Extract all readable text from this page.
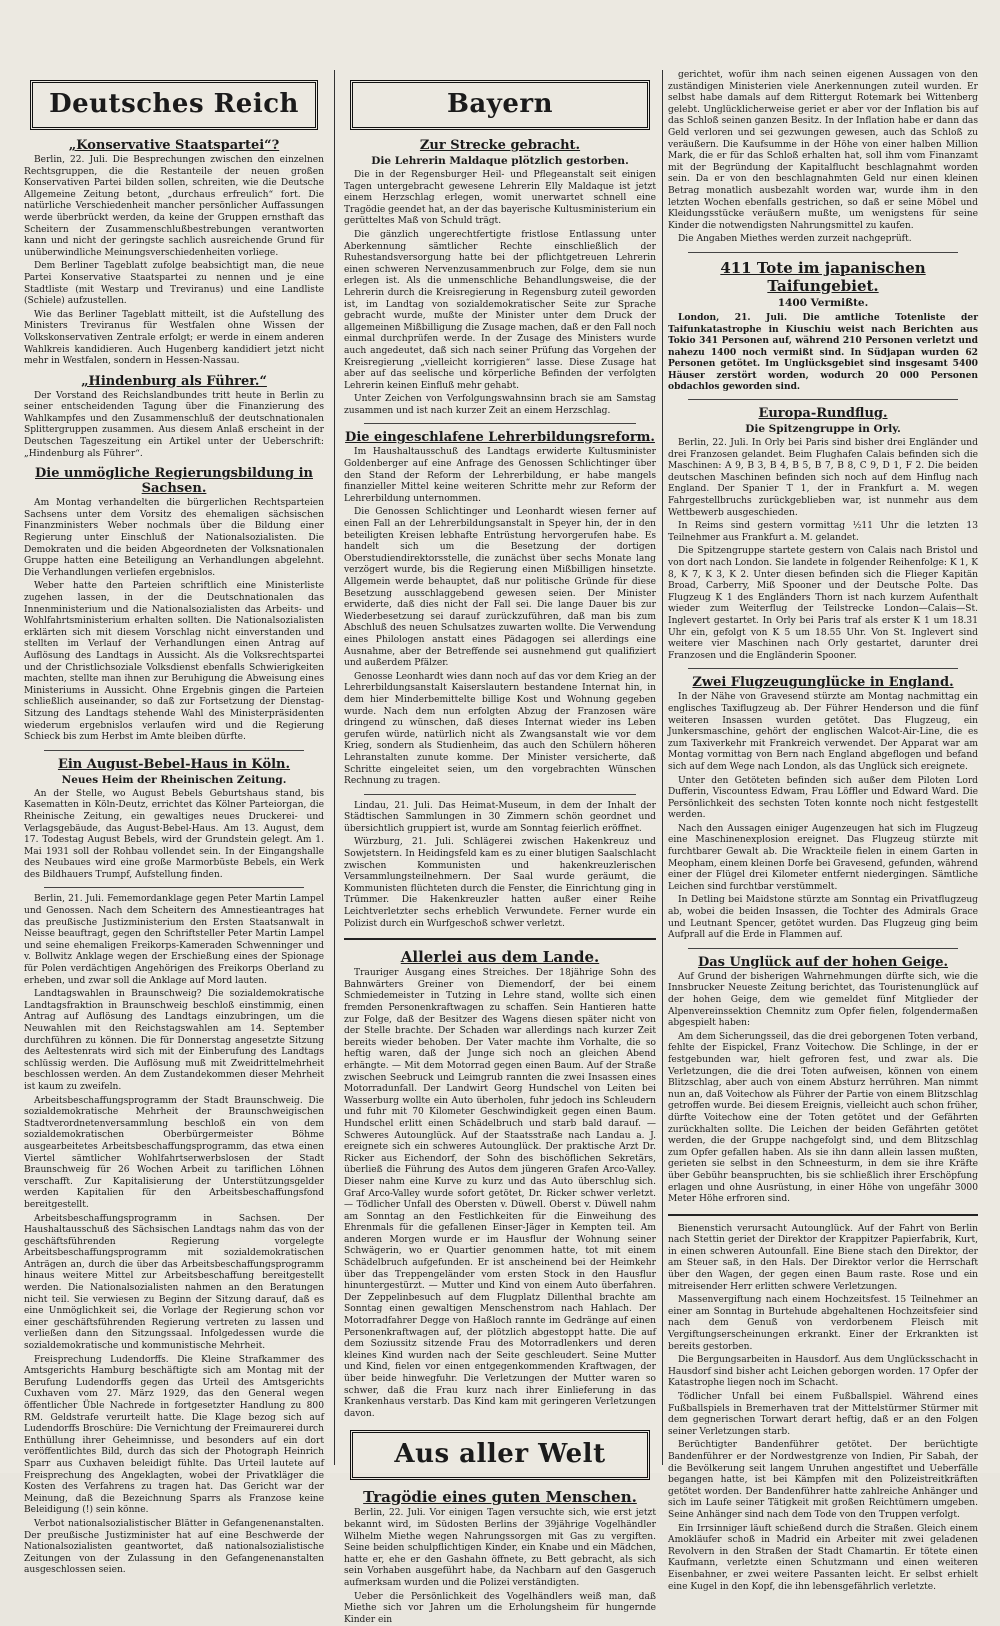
Deutsches Reich
„Konservative Staatspartei“?

Berlin, 22. Juli. Die Besprechungen zwischen den einzelnen Rechtsgruppen, die die Restanteile der neuen großen Konservativen Partei bilden sollen, schreiten, wie die Deutsche Allgemeine Zeitung betont, „durchaus erfreulich“ fort. Die natürliche Verschiedenheit mancher persönlicher Auffassungen werde überbrückt werden, da keine der Gruppen ernsthaft das Scheitern der Zusammenschlußbestrebungen verantworten kann und nicht der geringste sachlich ausreichende Grund für unüberwindliche Meinungsverschiedenheiten vorliege.

Dem Berliner Tageblatt zufolge beabsichtigt man, die neue Partei Konservative Staatspartei zu nennen und je eine Stadtliste (mit Westarp und Treviranus) und eine Landliste (Schiele) aufzustellen.

Wie das Berliner Tageblatt mitteilt, ist die Aufstellung des Ministers Treviranus für Westfalen ohne Wissen der Volkskonservativen Zentrale erfolgt; er werde in einem anderen Wahlkreis kandidieren. Auch Hugenberg kandidiert jetzt nicht mehr in Westfalen, sondern in Hessen-Nassau.

„Hindenburg als Führer.“

Der Vorstand des Reichslandbundes tritt heute in Berlin zu seiner entscheidenden Tagung über die Finanzierung des Wahlkampfes und den Zusammenschluß der deutschnationalen Splittergruppen zusammen. Aus diesem Anlaß erscheint in der Deutschen Tageszeitung ein Artikel unter der Ueberschrift: „Hindenburg als Führer“.

Die unmögliche Regierungsbildung in Sachsen.

Am Montag verhandelten die bürgerlichen Rechtsparteien Sachsens unter dem Vorsitz des ehemaligen sächsischen Finanzministers Weber nochmals über die Bildung einer Regierung unter Einschluß der Nationalsozialisten. Die Demokraten und die beiden Abgeordneten der Volksnationalen Gruppe hatten eine Beteiligung an Verhandlungen abgelehnt. Die Verhandlungen verliefen ergebnislos.

Weber hatte den Parteien schriftlich eine Ministerliste zugehen lassen, in der die Deutschnationalen das Innenministerium und die Nationalsozialisten das Arbeits- und Wohlfahrtsministerium erhalten sollten. Die Nationalsozialisten erklärten sich mit diesem Vorschlag nicht einverstanden und stellten im Verlauf der Verhandlungen einen Antrag auf Auflösung des Landtags in Aussicht. Als die Volksrechtspartei und der Christlichsoziale Volksdienst ebenfalls Schwierigkeiten machten, stellte man ihnen zur Beruhigung die Abweisung eines Ministeriums in Aussicht. Ohne Ergebnis gingen die Parteien schließlich auseinander, so daß zur Fortsetzung der Dienstag-Sitzung des Landtags stehende Wahl des Ministerpräsidenten wiederum ergebnislos verlaufen wird und die Regierung Schieck bis zum Herbst im Amte bleiben dürfte.

Ein August-Bebel-Haus in Köln.
Neues Heim der Rheinischen Zeitung.

An der Stelle, wo August Bebels Geburtshaus stand, bis Kasematten in Köln-Deutz, errichtet das Kölner Parteiorgan, die Rheinische Zeitung, ein gewaltiges neues Druckerei- und Verlagsgebäude, das August-Bebel-Haus. Am 13. August, dem 17. Todestag August Bebels, wird der Grundstein gelegt. Am 1. Mai 1931 soll der Rohbau vollendet sein. In der Eingangshalle des Neubaues wird eine große Marmorbüste Bebels, ein Werk des Bildhauers Trumpf, Aufstellung finden.

Berlin, 21. Juli. Fememordanklage gegen Peter Martin Lampel und Genossen. Nach dem Scheitern des Amnestieantrages hat das preußische Justizministerium den Ersten Staatsanwalt in Neisse beauftragt, gegen den Schriftsteller Peter Martin Lampel und seine ehemaligen Freikorps-Kameraden Schwenninger und v. Bollwitz Anklage wegen der Erschießung eines der Spionage für Polen verdächtigen Angehörigen des Freikorps Oberland zu erheben, und zwar soll die Anklage auf Mord lauten.

Landtagswahlen in Braunschweig? Die sozialdemokratische Landtagsfraktion in Braunschweig beschloß einstimmig, einen Antrag auf Auflösung des Landtags einzubringen, um die Neuwahlen mit den Reichstagswahlen am 14. September durchführen zu können. Die für Donnerstag angesetzte Sitzung des Aeltestenrats wird sich mit der Einberufung des Landtags schlüssig werden. Die Auflösung muß mit Zweidrittelmehrheit beschlossen werden. An dem Zustandekommen dieser Mehrheit ist kaum zu zweifeln.

Arbeitsbeschaffungsprogramm der Stadt Braunschweig. Die sozialdemokratische Mehrheit der Braunschweigischen Stadtverordnetenversammlung beschloß ein von dem sozialdemokratischen Oberbürgermeister Böhme ausgearbeitetes Arbeitsbeschaffungsprogramm, das etwa einen Viertel sämtlicher Wohlfahrtserwerbslosen der Stadt Braunschweig für 26 Wochen Arbeit zu tariflichen Löhnen verschafft. Zur Kapitalisierung der Unterstützungsgelder werden Kapitalien für den Arbeitsbeschaffungsfond bereitgestellt.

Arbeitsbeschaffungsprogramm in Sachsen. Der Haushaltausschuß des Sächsischen Landtags nahm das von der geschäftsführenden Regierung vorgelegte Arbeitsbeschaffungsprogramm mit sozialdemokratischen Anträgen an, durch die über das Arbeitsbeschaffungsprogramm hinaus weitere Mittel zur Arbeitsbeschaffung bereitgestellt werden. Die Nationalsozialisten nahmen an den Beratungen nicht teil. Sie verwiesen zu Beginn der Sitzung darauf, daß es eine Unmöglichkeit sei, die Vorlage der Regierung schon vor einer geschäftsführenden Regierung vertreten zu lassen und verließen dann den Sitzungssaal. Infolgedessen wurde die sozialdemokratische und kommunistische Mehrheit.

Freisprechung Ludendorffs. Die Kleine Strafkammer des Amtsgerichts Hamburg beschäftigte sich am Montag mit der Berufung Ludendorffs gegen das Urteil des Amtsgerichts Cuxhaven vom 27. März 1929, das den General wegen öffentlicher Üble Nachrede in fortgesetzter Handlung zu 800 RM. Geldstrafe verurteilt hatte. Die Klage bezog sich auf Ludendorffs Broschüre: Die Vernichtung der Freimaurerei durch Enthüllung ihrer Geheimnisse, und besonders auf ein dort veröffentlichtes Bild, durch das sich der Photograph Heinrich Sparr aus Cuxhaven beleidigt fühlte. Das Urteil lautete auf Freisprechung des Angeklagten, wobei der Privatkläger die Kosten des Verfahrens zu tragen hat. Das Gericht war der Meinung, daß die Bezeichnung Sparrs als Franzose keine Beleidigung (!) sein könne.

Verbot nationalsozialistischer Blätter in Gefangenenanstalten. Der preußische Justizminister hat auf eine Beschwerde der Nationalsozialisten geantwortet, daß nationalsozialistische Zeitungen von der Zulassung in den Gefangenenanstalten ausgeschlossen seien.

Bayern
Zur Strecke gebracht.
Die Lehrerin Maldaque plötzlich gestorben.

Die in der Regensburger Heil- und Pflegeanstalt seit einigen Tagen untergebracht gewesene Lehrerin Elly Maldaque ist jetzt einem Herzschlag erlegen, womit unerwartet schnell eine Tragödie geendet hat, an der das bayerische Kultusministerium ein gerütteltes Maß von Schuld trägt.

Die gänzlich ungerechtfertigte fristlose Entlassung unter Aberkennung sämtlicher Rechte einschließlich der Ruhestandsversorgung hatte bei der pflichtgetreuen Lehrerin einen schweren Nervenzusammenbruch zur Folge, dem sie nun erlegen ist. Als die unmenschliche Behandlungsweise, die der Lehrerin durch die Kreisregierung in Regensburg zuteil geworden ist, im Landtag von sozialdemokratischer Seite zur Sprache gebracht wurde, mußte der Minister unter dem Druck der allgemeinen Mißbilligung die Zusage machen, daß er den Fall noch einmal durchprüfen werde. In der Zusage des Ministers wurde auch angedeutet, daß sich nach seiner Prüfung das Vorgehen der Kreisregierung „vielleicht korrigieren“ lasse. Diese Zusage hat aber auf das seelische und körperliche Befinden der verfolgten Lehrerin keinen Einfluß mehr gehabt.

Unter Zeichen von Verfolgungswahnsinn brach sie am Samstag zusammen und ist nach kurzer Zeit an einem Herzschlag.

Die eingeschlafene Lehrerbildungsreform.

Im Haushaltausschuß des Landtags erwiderte Kultusminister Goldenberger auf eine Anfrage des Genossen Schlichtinger über den Stand der Reform der Lehrerbildung, er habe mangels finanzieller Mittel keine weiteren Schritte mehr zur Reform der Lehrerbildung unternommen.

Die Genossen Schlichtinger und Leonhardt wiesen ferner auf einen Fall an der Lehrerbildungsanstalt in Speyer hin, der in den beteiligten Kreisen lebhafte Entrüstung hervorgerufen habe. Es handelt sich um die Besetzung der dortigen Oberstudiendirektorsstelle, die zunächst über sechs Monate lang verzögert wurde, bis die Regierung einen Mißbilligen hinsetzte. Allgemein werde behauptet, daß nur politische Gründe für diese Besetzung ausschlaggebend gewesen seien. Der Minister erwiderte, daß dies nicht der Fall sei. Die lange Dauer bis zur Wiederbesetzung sei darauf zurückzuführen, daß man bis zum Abschluß des neuen Schulsatzes zuwarten wollte. Die Verwendung eines Philologen anstatt eines Pädagogen sei allerdings eine Ausnahme, aber der Betreffende sei ausnehmend gut qualifiziert und außerdem Pfälzer.

Genosse Leonhardt wies dann noch auf das vor dem Krieg an der Lehrerbildungsanstalt Kaiserslautern bestandene Internat hin, in dem hier Minderbemittelte billige Kost und Wohnung gegeben wurde. Nach dem nun erfolgten Abzug der Franzosen wäre dringend zu wünschen, daß dieses Internat wieder ins Leben gerufen würde, natürlich nicht als Zwangsanstalt wie vor dem Krieg, sondern als Studienheim, das auch den Schülern höheren Lehranstalten zunute komme. Der Minister versicherte, daß Schritte eingeleitet seien, um den vorgebrachten Wünschen Rechnung zu tragen.

Lindau, 21. Juli. Das Heimat-Museum, in dem der Inhalt der Städtischen Sammlungen in 30 Zimmern schön geordnet und übersichtlich gruppiert ist, wurde am Sonntag feierlich eröffnet.

Würzburg, 21. Juli. Schlägerei zwischen Hakenkreuz und Sowjetstern. In Heidingsfeld kam es zu einer blutigen Saalschlacht zwischen Kommunisten und hakenkreuzlerischen Versammlungsteilnehmern. Der Saal wurde geräumt, die Kommunisten flüchteten durch die Fenster, die Einrichtung ging in Trümmer. Die Hakenkreuzler hatten außer einer Reihe Leichtverletzter sechs erheblich Verwundete. Ferner wurde ein Polizist durch ein Wurfgeschoß schwer verletzt.

Allerlei aus dem Lande.

Trauriger Ausgang eines Streiches. Der 18jährige Sohn des Bahnwärters Greiner von Diemendorf, der bei einem Schmiedemeister in Tutzing in Lehre stand, wollte sich einen fremden Personenkraftwagen zu schaffen. Sein Hantieren hatte zur Folge, daß der Besitzer des Wagens diesen später nicht von der Stelle brachte. Der Schaden war allerdings nach kurzer Zeit bereits wieder behoben. Der Vater machte ihm Vorhalte, die so heftig waren, daß der Junge sich noch an gleichen Abend erhängte. — Mit dem Motorrad gegen einen Baum. Auf der Straße zwischen Seebruck und Leimgrub rannten die zwei Insassen eines Motorradunfall. Der Landwirt Georg Hundschel von Leiten bei Wasserburg wollte ein Auto überholen, fuhr jedoch ins Schleudern und fuhr mit 70 Kilometer Geschwindigkeit gegen einen Baum. Hundschel erlitt einen Schädelbruch und starb bald darauf. — Schweres Autounglück. Auf der Staatsstraße nach Landau a. J. ereignete sich ein schweres Autounglück. Der praktische Arzt Dr. Ricker aus Eichendorf, der Sohn des bischöflichen Sekretärs, überließ die Führung des Autos dem jüngeren Grafen Arco-Valley. Dieser nahm eine Kurve zu kurz und das Auto überschlug sich. Graf Arco-Valley wurde sofort getötet, Dr. Ricker schwer verletzt. — Tödlicher Unfall des Obersten v. Düwell. Oberst v. Düwell nahm am Sonntag an den Festlichkeiten für die Einweihung des Ehrenmals für die gefallenen Einser-Jäger in Kempten teil. Am anderen Morgen wurde er im Hausflur der Wohnung seiner Schwägerin, wo er Quartier genommen hatte, tot mit einem Schädelbruch aufgefunden. Er ist anscheinend bei der Heimkehr über das Treppengeländer vom ersten Stock in den Hausflur hinuntergestürzt. — Mutter und Kind von einem Auto überfahren. Der Zeppelinbesuch auf dem Flugplatz Dillenthal brachte am Sonntag einen gewaltigen Menschenstrom nach Hahlach. Der Motorradfahrer Degge von Haßloch rannte im Gedränge auf einen Personenkraftwagen auf, der plötzlich abgestoppt hatte. Die auf dem Soziussitz sitzende Frau des Motorradlenkers und deren kleines Kind wurden nach der Seite geschleudert. Seine Mutter und Kind, fielen vor einen entgegenkommenden Kraftwagen, der über beide hinwegfuhr. Die Verletzungen der Mutter waren so schwer, daß die Frau kurz nach ihrer Einlieferung in das Krankenhaus verstarb. Das Kind kam mit geringeren Verletzungen davon.

Aus aller Welt
Tragödie eines guten Menschen.

Berlin, 22. Juli. Vor einigen Tagen versuchte sich, wie erst jetzt bekannt wird, im Südosten Berlins der 39jährige Vogelhändler Wilhelm Miethe wegen Nahrungssorgen mit Gas zu vergiften. Seine beiden schulpflichtigen Kinder, ein Knabe und ein Mädchen, hatte er, ehe er den Gashahn öffnete, zu Bett gebracht, als sich sein Vorhaben ausgeführt habe, da Nachbarn auf den Gasgeruch aufmerksam wurden und die Polizei verständigten.

Ueber die Persönlichkeit des Vogelhändlers weiß man, daß Miethe sich vor Jahren um die Erholungsheim für hungernde Kinder ein

gerichtet, wofür ihm nach seinen eigenen Aussagen von den zuständigen Ministerien viele Anerkennungen zuteil wurden. Er selbst habe damals auf dem Rittergut Rotemark bei Wittenberg gelebt. Unglücklicherweise geriet er aber vor der Inflation bis auf das Schloß seinen ganzen Besitz. In der Inflation habe er dann das Geld verloren und sei gezwungen gewesen, auch das Schloß zu veräußern. Die Kaufsumme in der Höhe von einer halben Million Mark, die er für das Schloß erhalten hat, soll ihm vom Finanzamt mit der Begründung der Kapitalflucht beschlagnahmt worden sein. Da er von den beschlagnahmten Geld nur einen kleinen Betrag monatlich ausbezahlt worden war, wurde ihm in den letzten Wochen ebenfalls gestrichen, so daß er seine Möbel und Kleidungsstücke veräußern mußte, um wenigstens für seine Kinder die notwendigsten Nahrungsmittel zu kaufen.

Die Angaben Miethes werden zurzeit nachgeprüft.

411 Tote im japanischen Taifungebiet.
1400 Vermißte.

London, 21. Juli. Die amtliche Totenliste der Taifunkatastrophe in Kiuschiu weist nach Berichten aus Tokio 341 Personen auf, während 210 Personen verletzt und nahezu 1400 noch vermißt sind. In Südjapan wurden 62 Personen getötet. Im Unglücksgebiet sind insgesamt 5400 Häuser zerstört worden, wodurch 20 000 Personen obdachlos geworden sind.

Europa-Rundflug.
Die Spitzengruppe in Orly.

Berlin, 22. Juli. In Orly bei Paris sind bisher drei Engländer und drei Franzosen gelandet. Beim Flughafen Calais befinden sich die Maschinen: A 9, B 3, B 4, B 5, B 7, B 8, C 9, D 1, F 2. Die beiden deutschen Maschinen befinden sich noch auf dem Hinflug nach England. Der Spanier T 1, der in Frankfurt a. M. wegen Fahrgestellbruchs zurückgeblieben war, ist nunmehr aus dem Wettbewerb ausgeschieden.

In Reims sind gestern vormittag ½11 Uhr die letzten 13 Teilnehmer aus Frankfurt a. M. gelandet.

Die Spitzengruppe startete gestern von Calais nach Bristol und von dort nach London. Sie landete in folgender Reihenfolge: K 1, K 8, K 7, K 3, K 2. Unter diesen befinden sich die Flieger Kapitän Broad, Carberry, Miß Spooner und der Deutsche Polte. Das Flugzeug K 1 des Engländers Thorn ist nach kurzem Aufenthalt wieder zum Weiterflug der Teilstrecke London—Calais—St. Inglevert gestartet. In Orly bei Paris traf als erster K 1 um 18.31 Uhr ein, gefolgt von K 5 um 18.55 Uhr. Von St. Inglevert sind weitere vier Maschinen nach Orly gestartet, darunter drei Franzosen und die Engländerin Spooner.

Zwei Flugzeugunglücke in England.

In der Nähe von Gravesend stürzte am Montag nachmittag ein englisches Taxiflugzeug ab. Der Führer Henderson und die fünf weiteren Insassen wurden getötet. Das Flugzeug, ein Junkersmaschine, gehört der englischen Walcot-Air-Line, die es zum Taxiverkehr mit Frankreich verwendet. Der Apparat war am Montag vormittag von Bern nach England abgeflogen und befand sich auf dem Wege nach London, als das Unglück sich ereignete.

Unter den Getöteten befinden sich außer dem Piloten Lord Dufferin, Viscountess Edwam, Frau Löffler und Edward Ward. Die Persönlichkeit des sechsten Toten konnte noch nicht festgestellt werden.

Nach den Aussagen einiger Augenzeugen hat sich im Flugzeug eine Maschinenexplosion ereignet. Das Flugzeug stürzte mit furchtbarer Gewalt ab. Die Wrackteile fielen in einem Garten in Meopham, einem kleinen Dorfe bei Gravesend, gefunden, während einer der Flügel drei Kilometer entfernt niedergingen. Sämtliche Leichen sind furchtbar verstümmelt.

In Detling bei Maidstone stürzte am Sonntag ein Privatflugzeug ab, wobei die beiden Insassen, die Tochter des Admirals Grace und Leutnant Spencer, getötet wurden. Das Flugzeug ging beim Aufprall auf die Erde in Flammen auf.

Das Unglück auf der hohen Geige.

Auf Grund der bisherigen Wahrnehmungen dürfte sich, wie die Innsbrucker Neueste Zeitung berichtet, das Touristenunglück auf der hohen Geige, dem wie gemeldet fünf Mitglieder der Alpenvereinssektion Chemnitz zum Opfer fielen, folgendermaßen abgespielt haben:

Am dem Sicherungsseil, das die drei geborgenen Toten verband, fehlte der Eispickel, Franz Voitechow. Die Schlinge, in der er festgebunden war, hielt gefroren fest, und zwar als. Die Verletzungen, die die drei Toten aufweisen, können von einem Blitzschlag, aber auch von einem Absturz herrühren. Man nimmt nun an, daß Voitechow als Führer der Partie von einem Blitzschlag getroffen wurde. Bei diesem Ereignis, vielleicht auch schon früher, dürfte Voitechow eine der Toten getötet und der Gefährten zurückhalten sollte. Die Leichen der beiden Gefährten getötet werden, die der Gruppe nachgefolgt sind, und dem Blitzschlag zum Opfer gefallen haben. Als sie ihn dann allein lassen mußten, gerieten sie selbst in den Schneesturm, in dem sie ihre Kräfte über Gebühr beanspruchten, bis sie schließlich ihrer Erschöpfung erlagen und ohne Ausrüstung, in einer Höhe von ungefähr 3000 Meter Höhe erfroren sind.

Bienenstich verursacht Autounglück. Auf der Fahrt von Berlin nach Stettin geriet der Direktor der Krappitzer Papierfabrik, Kurt, in einen schweren Autounfall. Eine Biene stach den Direktor, der am Steuer saß, in den Hals. Der Direktor verlor die Herrschaft über den Wagen, der gegen einen Baum raste. Rose und ein mitreisender Herr erlitten schwere Verletzungen.

Massenvergiftung nach einem Hochzeitsfest. 15 Teilnehmer an einer am Sonntag in Burtehude abgehaltenen Hochzeitsfeier sind nach dem Genuß von verdorbenem Fleisch mit Vergiftungserscheinungen erkrankt. Einer der Erkrankten ist bereits gestorben.

Die Bergungsarbeiten in Hausdorf. Aus dem Unglücksschacht in Hausdorf sind bisher acht Leichen geborgen worden. 17 Opfer der Katastrophe liegen noch im Schacht.

Tödlicher Unfall bei einem Fußballspiel. Während eines Fußballspiels in Bremerhaven trat der Mittelstürmer Stürmer mit dem gegnerischen Torwart derart heftig, daß er an den Folgen seiner Verletzungen starb.

Berüchtigter Bandenführer getötet. Der berüchtigte Bandenführer er der Nordwestgrenze von Indien, Pir Sabah, der die Bevölkerung seit langem Unruhen angestiftet und Ueberfälle begangen hatte, ist bei Kämpfen mit den Polizeistreitkräften getötet worden. Der Bandenführer hatte zahlreiche Anhänger und sich im Laufe seiner Tätigkeit mit großen Reichtümern umgeben. Seine Anhänger sind nach dem Tode von den Truppen verfolgt.

Ein Irrsinniger läuft schießend durch die Straßen. Gleich einem Amokläufer schoß in Madrid ein Arbeiter mit zwei geladenen Revolvern in den Straßen der Stadt Chamartin. Er tötete einen Kaufmann, verletzte einen Schutzmann und einen weiteren Eisenbahner, er zwei weitere Passanten leicht. Er selbst erhielt eine Kugel in den Kopf, die ihn lebensgefährlich verletzte.
